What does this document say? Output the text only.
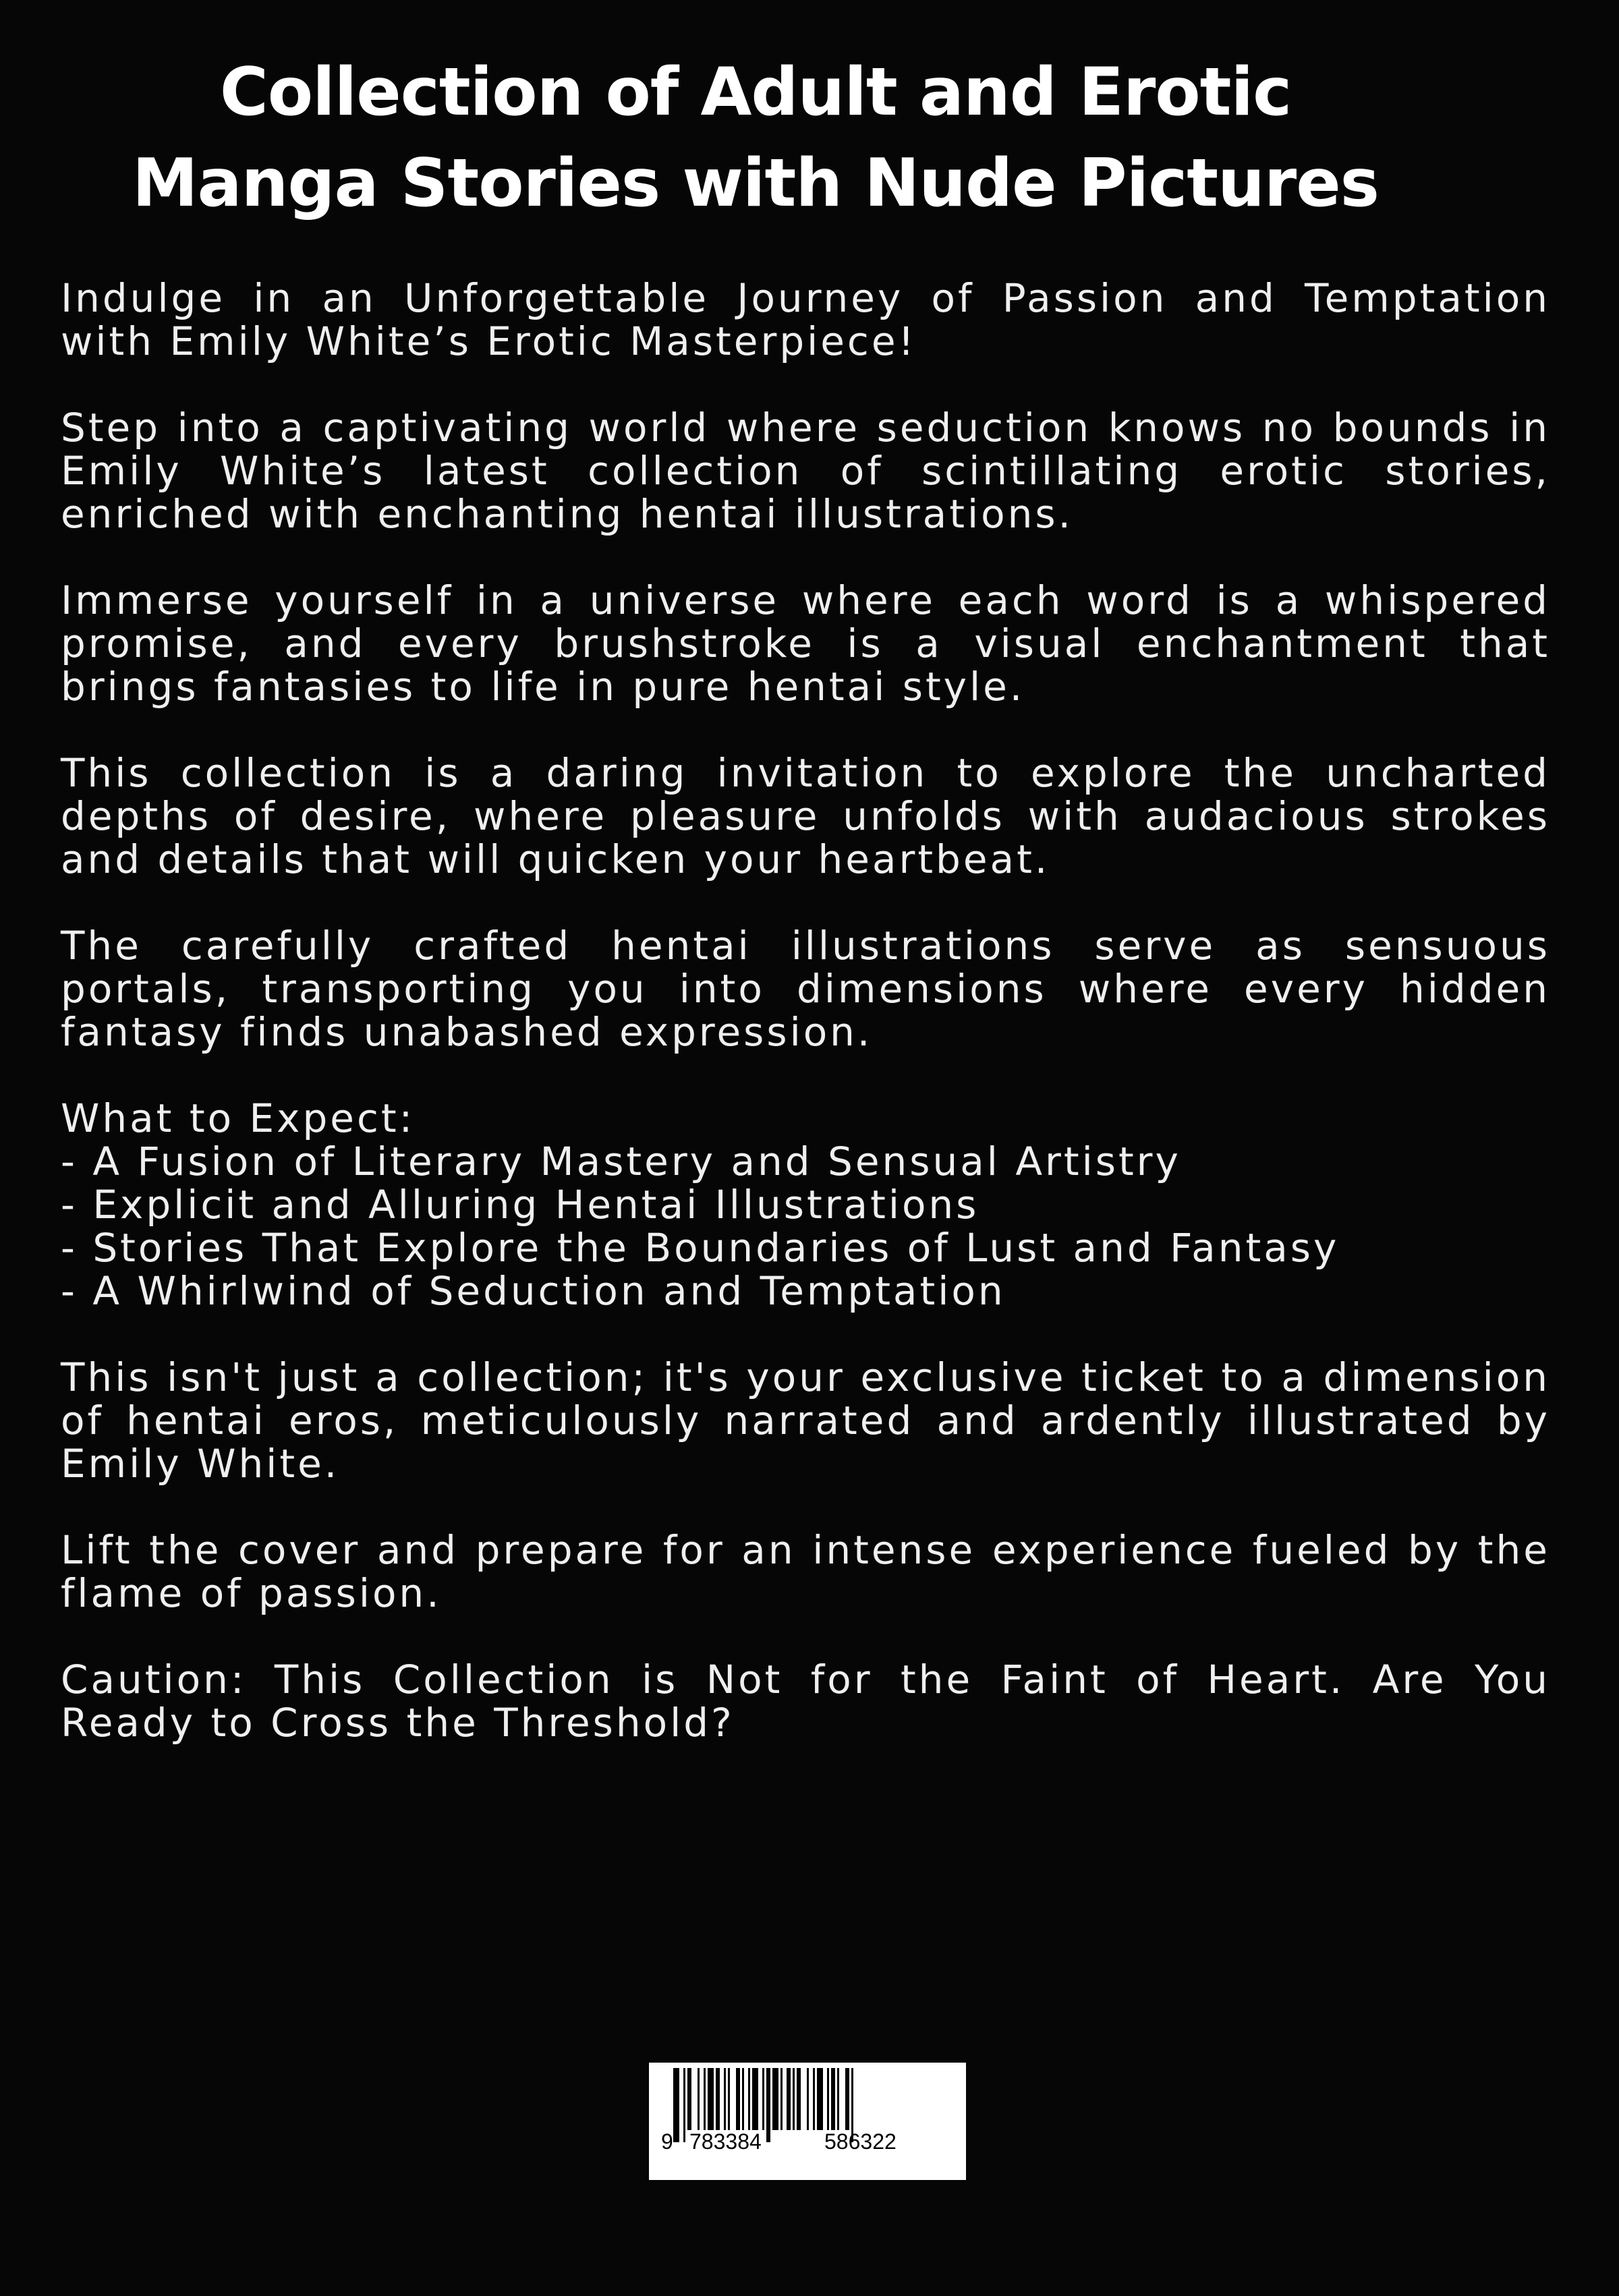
Collection of Adult and Erotic
Manga Stories with Nude Pictures

Indulge in an Unforgettable Journey of Passion and Temptation with Emily White’s Erotic Masterpiece!

Step into a captivating world where seduction knows no bounds in Emily White’s latest collection of scintillating erotic stories, enriched with enchanting hentai illustrations.

Immerse yourself in a universe where each word is a whispered promise, and every brushstroke is a visual enchantment that brings fantasies to life in pure hentai style.

This collection is a daring invitation to explore the uncharted depths of desire, where pleasure unfolds with audacious strokes and details that will quicken your heartbeat.

The carefully crafted hentai illustrations serve as sensuous portals, transporting you into dimensions where every hidden fantasy finds unabashed expression.

What to Expect:
- A Fusion of Literary Mastery and Sensual Artistry
- Explicit and Alluring Hentai Illustrations
- Stories That Explore the Boundaries of Lust and Fantasy
- A Whirlwind of Seduction and Temptation

This isn't just a collection; it's your exclusive ticket to a dimension of hentai eros, meticulously narrated and ardently illustrated by Emily White.

Lift the cover and prepare for an intense experience fueled by the flame of passion.

Caution: This Collection is Not for the Faint of Heart. Are You Ready to Cross the Threshold?

9 783384	586322
